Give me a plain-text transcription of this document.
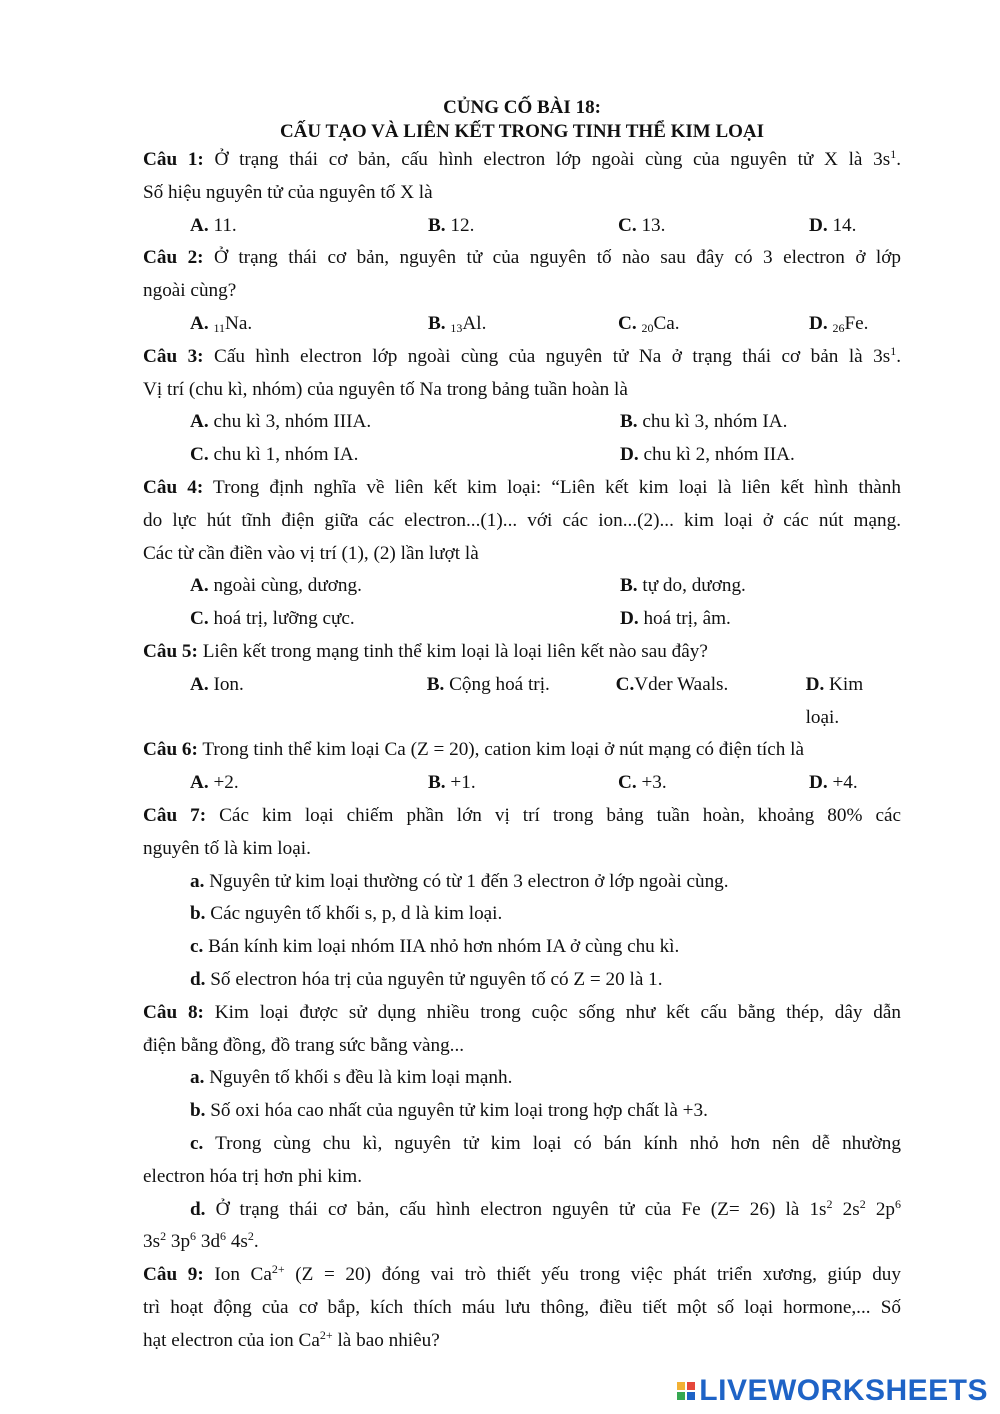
CỦNG CỐ BÀI 18:
CẤU TẠO VÀ LIÊN KẾT TRONG TINH THỂ KIM LOẠI
Câu 1: Ở trạng thái cơ bản, cấu hình electron lớp ngoài cùng của nguyên tử X là $3s^1$.
Số hiệu nguyên tử của nguyên tố X là
A. 11.	B. 12.	C. 13.	D. 14.
Câu 2: Ở trạng thái cơ bản, nguyên tử của nguyên tố nào sau đây có 3 electron ở lớp
ngoài cùng?
A. $_{11}$Na.	B. $_{13}$Al.	C. $_{20}$Ca.	D. $_{26}$Fe.
Câu 3: Cấu hình electron lớp ngoài cùng của nguyên tử Na ở trạng thái cơ bản là $3s^1$.
Vị trí (chu kì, nhóm) của nguyên tố Na trong bảng tuần hoàn là
A. chu kì 3, nhóm IIIA.	B. chu kì 3, nhóm IA.
C. chu kì 1, nhóm IA.	D. chu kì 2, nhóm IIA.
Câu 4: Trong định nghĩa về liên kết kim loại: “Liên kết kim loại là liên kết hình thành
do lực hút tĩnh điện giữa các electron...(1)... với các ion...(2)... kim loại ở các nút mạng.
Các từ cần điền vào vị trí (1), (2) lần lượt là
A. ngoài cùng, dương.	B. tự do, dương.
C. hoá trị, lưỡng cực.	D. hoá trị, âm.
Câu 5: Liên kết trong mạng tinh thể kim loại là loại liên kết nào sau đây?
A. Ion.	B. Cộng hoá trị.	C.Vder Waals.	D. Kim loại.
Câu 6: Trong tinh thể kim loại Ca (Z = 20), cation kim loại ở nút mạng có điện tích là
A. +2.	B. +1.	C. +3.	D. +4.
Câu 7: Các kim loại chiếm phần lớn vị trí trong bảng tuần hoàn, khoảng 80% các
nguyên tố là kim loại.
a. Nguyên tử kim loại thường có từ 1 đến 3 electron ở lớp ngoài cùng.
b. Các nguyên tố khối s, p, d là kim loại.
c. Bán kính kim loại nhóm IIA nhỏ hơn nhóm IA ở cùng chu kì.
d. Số electron hóa trị của nguyên tử nguyên tố có Z = 20 là 1.
Câu 8: Kim loại được sử dụng nhiều trong cuộc sống như kết cấu bằng thép, dây dẫn
điện bằng đồng, đồ trang sức bằng vàng...
a. Nguyên tố khối s đều là kim loại mạnh.
b. Số oxi hóa cao nhất của nguyên tử kim loại trong hợp chất là +3.
c. Trong cùng chu kì, nguyên tử kim loại có bán kính nhỏ hơn nên dễ nhường
electron hóa trị hơn phi kim.
d. Ở trạng thái cơ bản, cấu hình electron nguyên tử của Fe (Z= 26) là $1s^2$ $2s^2$ $2p^6$
$3s^2$ $3p^6$ $3d^6$ $4s^2$.
Câu 9: Ion $Ca^{2+}$ (Z = 20) đóng vai trò thiết yếu trong việc phát triển xương, giúp duy
trì hoạt động của cơ bắp, kích thích máu lưu thông, điều tiết một số loại hormone,... Số
hạt electron của ion $Ca^{2+}$ là bao nhiêu?
LIVEWORKSHEETS
